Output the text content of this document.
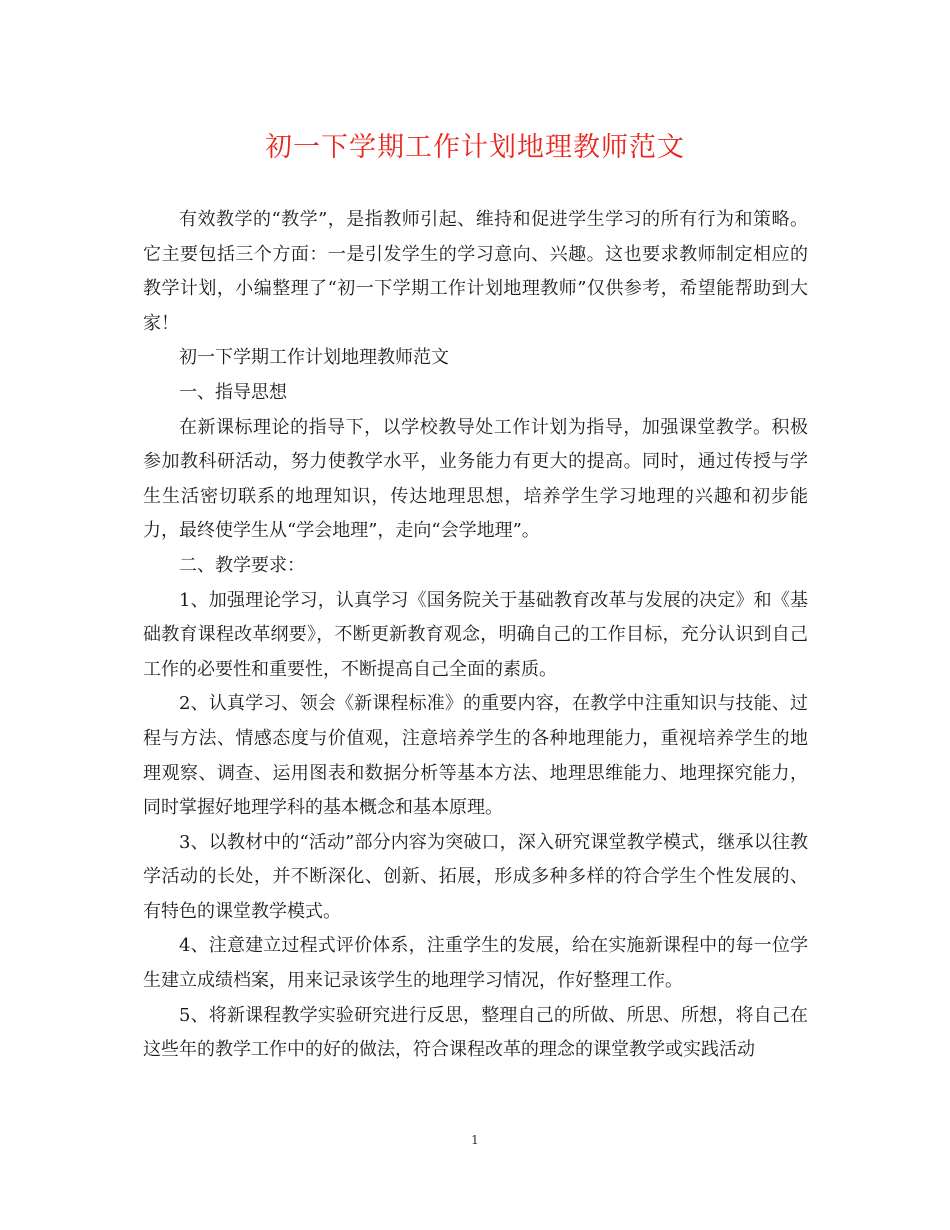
初一下学期工作计划地理教师范文

有效教学的“教学”，是指教师引起、维持和促进学生学习的所有行为和策略。它主要包括三个方面：一是引发学生的学习意向、兴趣。这也要求教师制定相应的教学计划，小编整理了“初一下学期工作计划地理教师”仅供参考，希望能帮助到大家！

初一下学期工作计划地理教师范文

一、指导思想

在新课标理论的指导下，以学校教导处工作计划为指导，加强课堂教学。积极参加教科研活动，努力使教学水平，业务能力有更大的提高。同时，通过传授与学生生活密切联系的地理知识，传达地理思想，培养学生学习地理的兴趣和初步能力，最终使学生从“学会地理”，走向“会学地理”。

二、教学要求：

1、加强理论学习，认真学习《国务院关于基础教育改革与发展的决定》和《基础教育课程改革纲要》，不断更新教育观念，明确自己的工作目标，充分认识到自己工作的必要性和重要性，不断提高自己全面的素质。

2、认真学习、领会《新课程标准》的重要内容，在教学中注重知识与技能、过程与方法、情感态度与价值观，注意培养学生的各种地理能力，重视培养学生的地理观察、调查、运用图表和数据分析等基本方法、地理思维能力、地理探究能力，同时掌握好地理学科的基本概念和基本原理。

3、以教材中的“活动”部分内容为突破口，深入研究课堂教学模式，继承以往教学活动的长处，并不断深化、创新、拓展，形成多种多样的符合学生个性发展的、有特色的课堂教学模式。

4、注意建立过程式评价体系，注重学生的发展，给在实施新课程中的每一位学生建立成绩档案，用来记录该学生的地理学习情况，作好整理工作。

5、将新课程教学实验研究进行反思，整理自己的所做、所思、所想，将自己在这些年的教学工作中的好的做法，符合课程改革的理念的课堂教学或实践活动

1
